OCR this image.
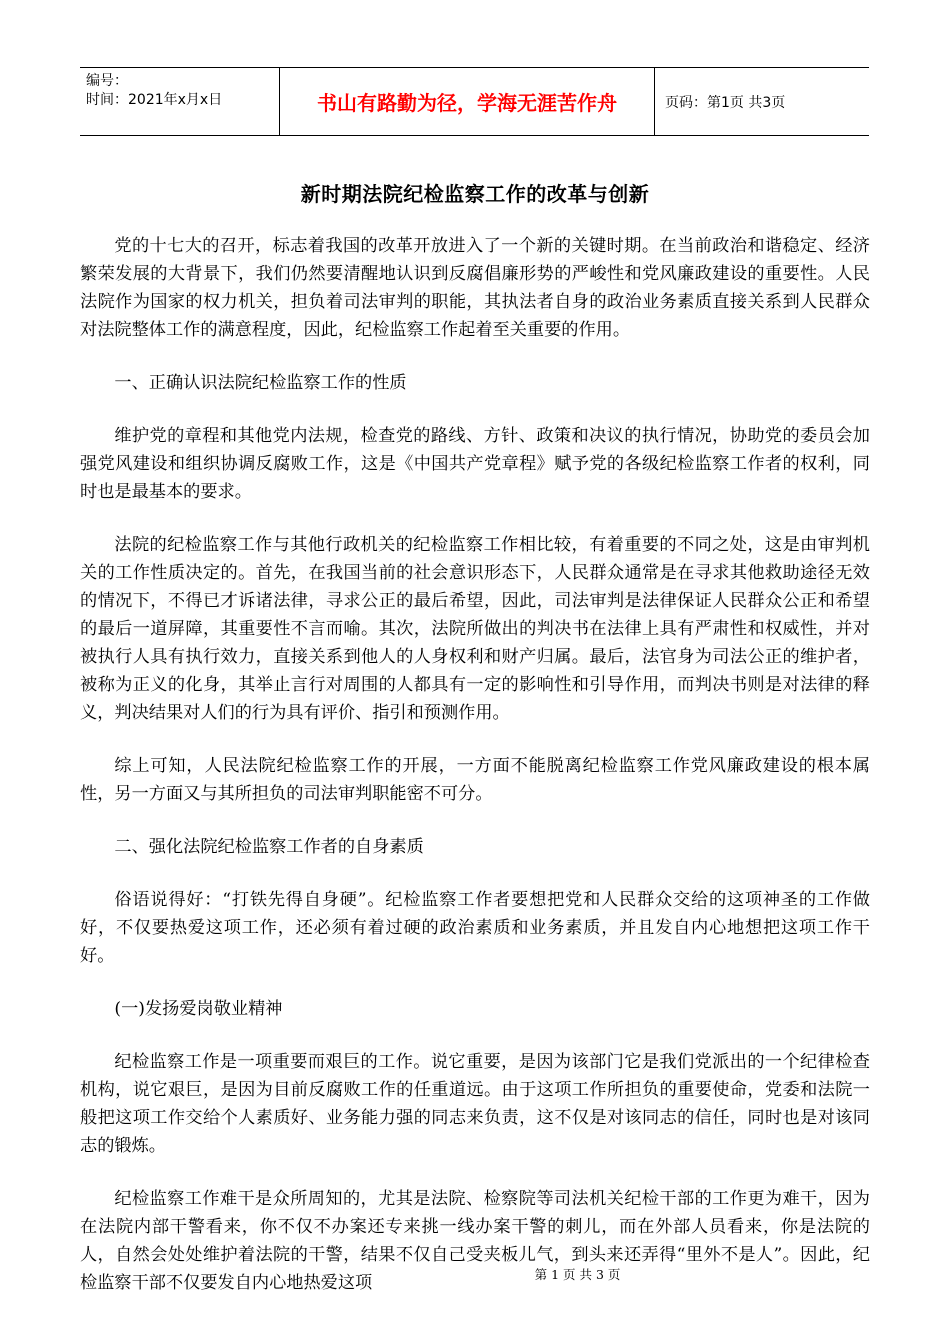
编号：
时间：2021年x月x日	书山有路勤为径，学海无涯苦作舟	页码：第1页 共3页
新时期法院纪检监察工作的改革与创新

党的十七大的召开，标志着我国的改革开放进入了一个新的关键时期。在当前政治和谐稳定、经济繁荣发展的大背景下，我们仍然要清醒地认识到反腐倡廉形势的严峻性和党风廉政建设的重要性。人民法院作为国家的权力机关，担负着司法审判的职能，其执法者自身的政治业务素质直接关系到人民群众对法院整体工作的满意程度，因此，纪检监察工作起着至关重要的作用。

一、正确认识法院纪检监察工作的性质

维护党的章程和其他党内法规，检查党的路线、方针、政策和决议的执行情况，协助党的委员会加强党风建设和组织协调反腐败工作，这是《中国共产党章程》赋予党的各级纪检监察工作者的权利，同时也是最基本的要求。

法院的纪检监察工作与其他行政机关的纪检监察工作相比较，有着重要的不同之处，这是由审判机关的工作性质决定的。首先，在我国当前的社会意识形态下，人民群众通常是在寻求其他救助途径无效的情况下，不得已才诉诸法律，寻求公正的最后希望，因此，司法审判是法律保证人民群众公正和希望的最后一道屏障，其重要性不言而喻。其次，法院所做出的判决书在法律上具有严肃性和权威性，并对被执行人具有执行效力，直接关系到他人的人身权利和财产归属。最后，法官身为司法公正的维护者，被称为正义的化身，其举止言行对周围的人都具有一定的影响性和引导作用，而判决书则是对法律的释义，判决结果对人们的行为具有评价、指引和预测作用。

综上可知，人民法院纪检监察工作的开展，一方面不能脱离纪检监察工作党风廉政建设的根本属性，另一方面又与其所担负的司法审判职能密不可分。

二、强化法院纪检监察工作者的自身素质

俗语说得好：“打铁先得自身硬”。纪检监察工作者要想把党和人民群众交给的这项神圣的工作做好，不仅要热爱这项工作，还必须有着过硬的政治素质和业务素质，并且发自内心地想把这项工作干好。

(一)发扬爱岗敬业精神

纪检监察工作是一项重要而艰巨的工作。说它重要，是因为该部门它是我们党派出的一个纪律检查机构，说它艰巨，是因为目前反腐败工作的任重道远。由于这项工作所担负的重要使命，党委和法院一般把这项工作交给个人素质好、业务能力强的同志来负责，这不仅是对该同志的信任，同时也是对该同志的锻炼。

纪检监察工作难干是众所周知的，尤其是法院、检察院等司法机关纪检干部的工作更为难干，因为在法院内部干警看来，你不仅不办案还专来挑一线办案干警的刺儿，而在外部人员看来，你是法院的人，自然会处处维护着法院的干警，结果不仅自己受夹板儿气，到头来还弄得“里外不是人”。因此，纪检监察干部不仅要发自内心地热爱这项	第 1 页 共 3 页
